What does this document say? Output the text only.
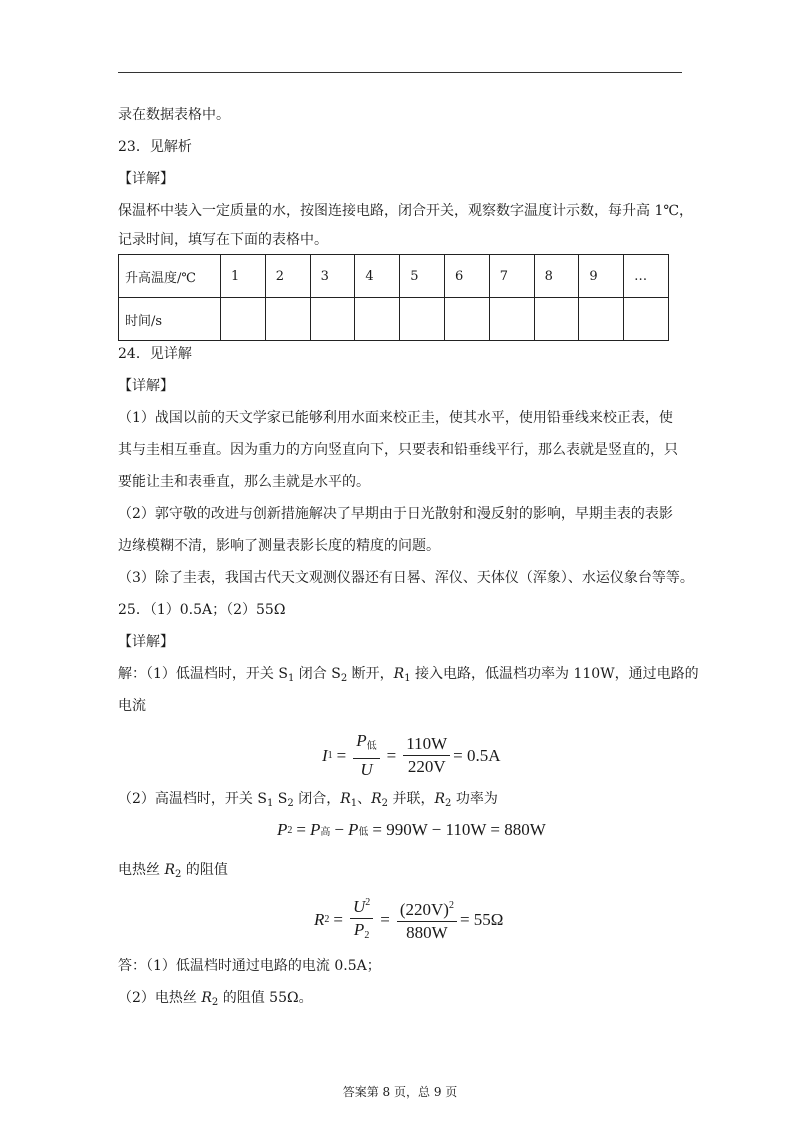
录在数据表格中。
23．见解析
【详解】
保温杯中装入一定质量的水，按图连接电路，闭合开关，观察数字温度计示数，每升高 1℃，
记录时间，填写在下面的表格中。
升高温度/℃	1	2	3	4	5	6	7	8	9	…
时间/s										
24．见详解
【详解】
（1）战国以前的天文学家已能够利用水面来校正圭，使其水平，使用铅垂线来校正表，使
其与圭相互垂直。因为重力的方向竖直向下，只要表和铅垂线平行，那么表就是竖直的，只
要能让圭和表垂直，那么圭就是水平的。
（2）郭守敬的改进与创新措施解决了早期由于日光散射和漫反射的影响，早期圭表的表影
边缘模糊不清，影响了测量表影长度的精度的问题。
（3）除了圭表，我国古代天文观测仪器还有日晷、浑仪、天体仪（浑象）、水运仪象台等等。
25．（1）0.5A；（2）55Ω
【详解】
解：（1）低温档时，开关 $S_1$ 闭合 $S_2$ 断开，$R_1$ 接入电路，低温档功率为 110W，通过电路的
电流
I $1 = \frac{P_低}{U} = \frac{110W}{220V} = 0.5A$
（2）高温档时，开关 $S_1$ $S_2$ 闭合，$R_1$、$R_2$ 并联，$R_2$ 功率为
P 2 = P 高 − P 低 = 990W − 110W = 880W
电热丝 $R_2$ 的阻值
R $2 = \frac{U^2}{P_2} = \frac{(220V)^2}{880W} = 55\Omega$
答：（1）低温档时通过电路的电流 0.5A；
（2）电热丝 $R_2$ 的阻值 55Ω。
答案第 8 页，总 9 页
